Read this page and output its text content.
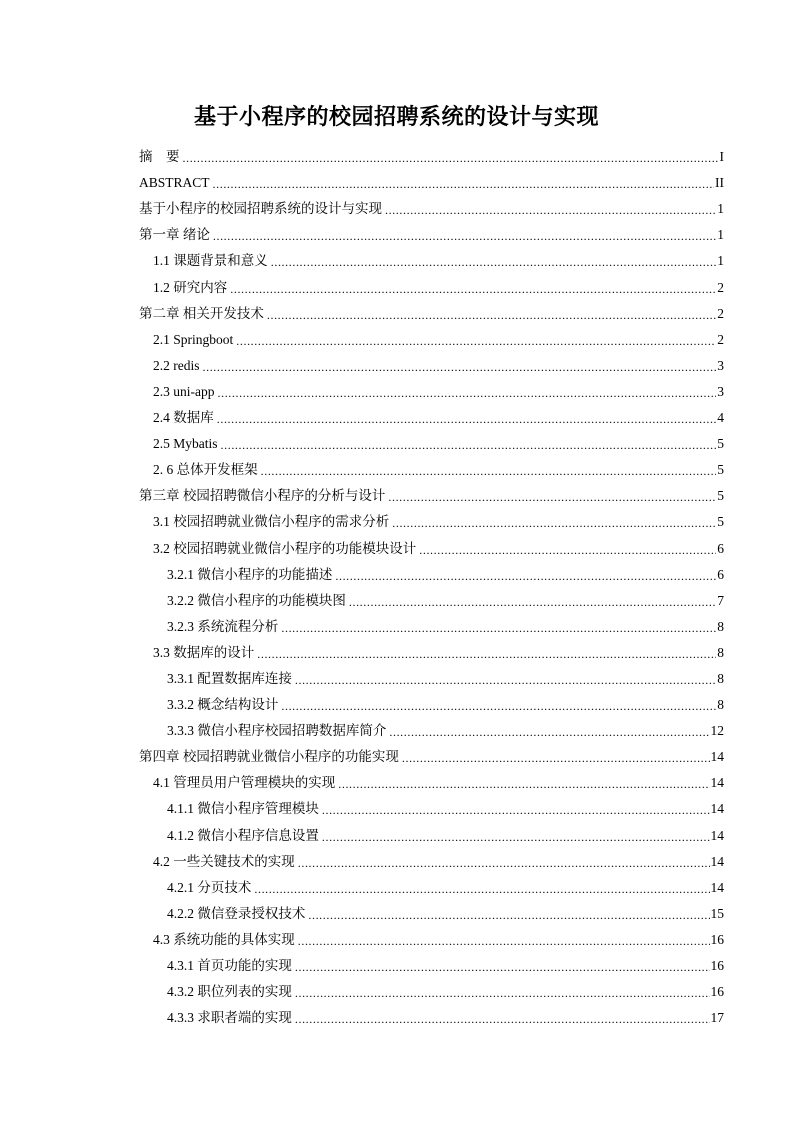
基于小程序的校园招聘系统的设计与实现
摘　要 .....	I
ABSTRACT .....	II
基于小程序的校园招聘系统的设计与实现 .....	1
第一章 绪论 .....	1
1.1 课题背景和意义 .....	1
1.2 研究内容 .....	2
第二章 相关开发技术 .....	2
2.1 Springboot .....	2
2.2 redis .....	3
2.3 uni-app .....	3
2.4 数据库 .....	4
2.5 Mybatis .....	5
2. 6 总体开发框架 .....	5
第三章 校园招聘微信小程序的分析与设计 .....	5
3.1 校园招聘就业微信小程序的需求分析 .....	5
3.2 校园招聘就业微信小程序的功能模块设计 .....	6
3.2.1 微信小程序的功能描述 .....	6
3.2.2 微信小程序的功能模块图 .....	7
3.2.3 系统流程分析 .....	8
3.3 数据库的设计 .....	8
3.3.1 配置数据库连接 .....	8
3.3.2 概念结构设计 .....	8
3.3.3 微信小程序校园招聘数据库简介 .....	12
第四章 校园招聘就业微信小程序的功能实现 .....	14
4.1 管理员用户管理模块的实现 .....	14
4.1.1 微信小程序管理模块 .....	14
4.1.2 微信小程序信息设置 .....	14
4.2 一些关键技术的实现 .....	14
4.2.1 分页技术 .....	14
4.2.2 微信登录授权技术 .....	15
4.3 系统功能的具体实现 .....	16
4.3.1 首页功能的实现 .....	16
4.3.2 职位列表的实现 .....	16
4.3.3 求职者端的实现 .....	17
